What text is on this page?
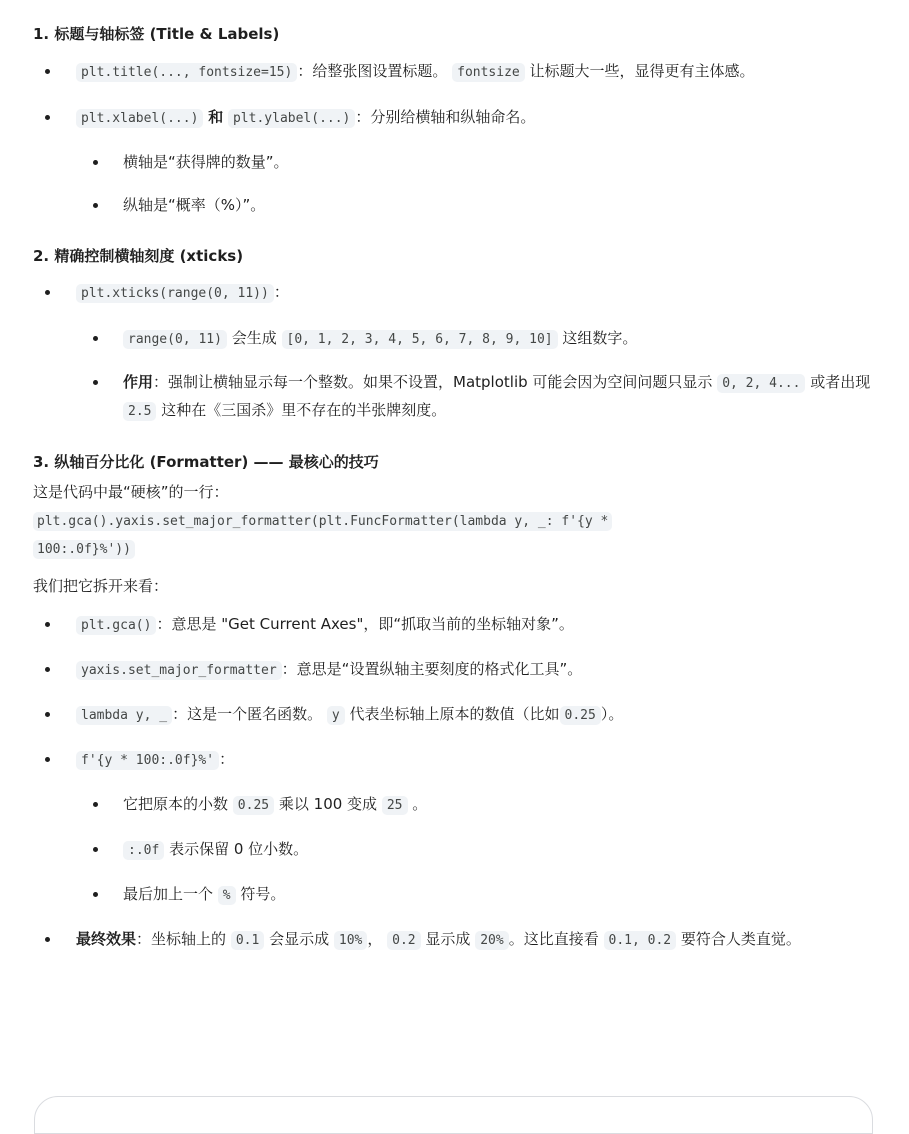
1. 标题与轴标签 (Title & Labels)

plt.title(..., fontsize=15) ：给整张图设置标题。 fontsize 让标题大一些，显得更有主体感。
plt.xlabel(...) 和 plt.ylabel(...) ：分别给横轴和纵轴命名。
横轴是“获得牌的数量”。
纵轴是“概率（%）”。

2. 精确控制横轴刻度 (xticks)

plt.xticks(range(0, 11)) ：
range(0, 11) 会生成 [0, 1, 2, 3, 4, 5, 6, 7, 8, 9, 10] 这组数字。
作用：强制让横轴显示每一个整数。如果不设置，Matplotlib 可能会因为空间问题只显示 0, 2, 4... 或者出现 2.5 这种在《三国杀》里不存在的半张牌刻度。

3. 纵轴百分比化 (Formatter) —— 最核心的技巧

这是代码中最“硬核”的一行：

plt.gca().yaxis.set_major_formatter(plt.FuncFormatter(lambda y, _: f'{y *

100:.0f}%'))

我们把它拆开来看：

plt.gca() ：意思是 "Get Current Axes"，即“抓取当前的坐标轴对象”。
yaxis.set_major_formatter ：意思是“设置纵轴主要刻度的格式化工具”。
lambda y, _ ：这是一个匿名函数。 y 代表坐标轴上原本的数值（比如 0.25 ）。
f'{y * 100:.0f}%' ：
它把原本的小数 0.25 乘以 100 变成 25 。
:.0f 表示保留 0 位小数。
最后加上一个 % 符号。
最终效果：坐标轴上的 0.1 会显示成 10% ， 0.2 显示成 20% 。这比直接看 0.1, 0.2 要符合人类直觉。
